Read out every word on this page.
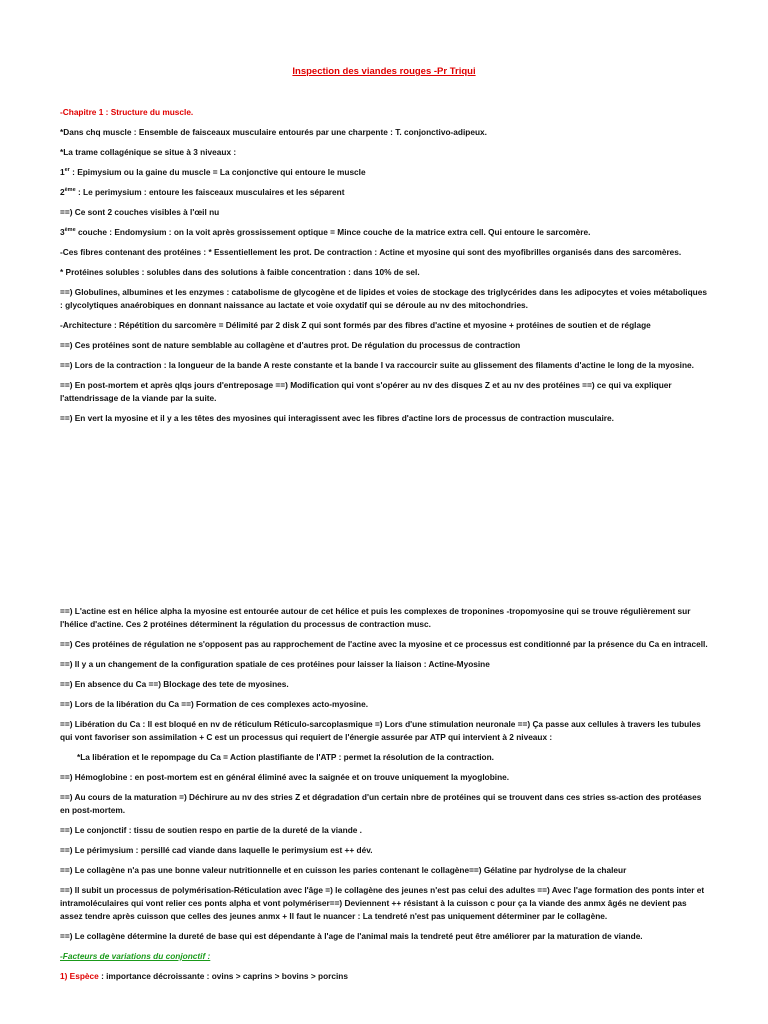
Inspection des viandes rouges -Pr Triqui

-Chapitre 1 : Structure du muscle.

*Dans chq muscle : Ensemble de faisceaux musculaire entourés par une charpente : T. conjonctivo-adipeux.

*La trame collagénique se situe à 3 niveaux :

1er : Epimysium ou la gaine du muscle = La conjonctive qui entoure le muscle

2ème : Le perimysium : entoure les faisceaux musculaires et les séparent

==) Ce sont 2 couches visibles à l'œil nu

3ème couche : Endomysium : on la voit après grossissement optique = Mince couche de la matrice extra cell. Qui entoure le sarcomère.

-Ces fibres contenant des protéines : * Essentiellement les prot. De contraction : Actine et myosine qui sont des myofibrilles organisés dans des sarcomères.

* Protéines solubles : solubles dans des solutions à faible concentration : dans 10% de sel.

==) Globulines, albumines et les enzymes : catabolisme de glycogène et de lipides et voies de stockage des triglycérides dans les adipocytes et voies métaboliques : glycolytiques anaérobiques en donnant naissance au lactate et voie oxydatif qui se déroule au nv des mitochondries.

-Architecture : Répétition du sarcomère = Délimité par 2 disk Z qui sont formés par des fibres d'actine et myosine + protéines de soutien et de réglage

==) Ces protéines sont de nature semblable au collagène et d'autres prot. De régulation du processus de contraction

==) Lors de la contraction : la longueur de la bande A reste constante et la bande I va raccourcir suite au glissement des filaments d'actine le long de la myosine.

==) En post-mortem et après qlqs jours d'entreposage ==) Modification qui vont s'opérer au nv des disques Z et au nv des protéines ==) ce qui va expliquer l'attendrissage de la viande par la suite.

==) En vert la myosine et il y a les têtes des myosines qui interagissent avec les fibres d'actine lors de processus de contraction musculaire.

==) L'actine est en hélice alpha la myosine est entourée autour de cet hélice et puis les complexes de troponines -tropomyosine qui se trouve régulièrement sur l'hélice d'actine. Ces 2 protéines déterminent la régulation du processus de contraction musc.

==) Ces protéines de régulation ne s'opposent pas au rapprochement de l'actine avec la myosine et ce processus est conditionné par la présence du Ca en intracell.

==) Il y a un changement de la configuration spatiale de ces protéines pour laisser la liaison : Actine-Myosine

==) En absence du Ca ==) Blockage des tete de myosines.

==) Lors de la libération du Ca ==) Formation de ces complexes acto-myosine.

==) Libération du Ca : Il est bloqué en nv de réticulum Réticulo-sarcoplasmique =) Lors d'une stimulation neuronale ==) Ça passe aux cellules à travers les tubules qui vont favoriser son assimilation + C est un processus qui requiert de l'énergie assurée par ATP qui intervient à 2 niveaux :

*La libération et le repompage du Ca = Action plastifiante de l'ATP : permet la résolution de la contraction.

==) Hémoglobine : en post-mortem est en général éliminé avec la saignée et on trouve uniquement la myoglobine.

==) Au cours de la maturation =) Déchirure au nv des stries Z et dégradation d'un certain nbre de protéines qui se trouvent dans ces stries ss-action des protéases en post-mortem.

==) Le conjonctif : tissu de soutien respo en partie de la dureté de la viande .

==) Le périmysium : persillé cad viande dans laquelle le perimysium est ++ dév.

==) Le collagène n'a pas une bonne valeur nutritionnelle et en cuisson les paries contenant le collagène==) Gélatine par hydrolyse de la chaleur

==) Il subit un processus de polymérisation-Réticulation avec l'âge =) le collagène des jeunes n'est pas celui des adultes ==) Avec l'age formation des ponts inter et intramoléculaires qui vont relier ces ponts alpha et vont polymériser==) Deviennent ++ résistant à la cuisson c pour ça la viande des anmx âgés ne devient pas assez tendre après cuisson que celles des jeunes anmx + Il faut le nuancer : La tendreté n'est pas uniquement déterminer par le collagène.

==) Le collagène détermine la dureté de base qui est dépendante à l'age de l'animal mais la tendreté peut être améliorer par la maturation de viande.

-Facteurs de variations du conjonctif :

1) Espèce : importance décroissante : ovins > caprins > bovins > porcins
